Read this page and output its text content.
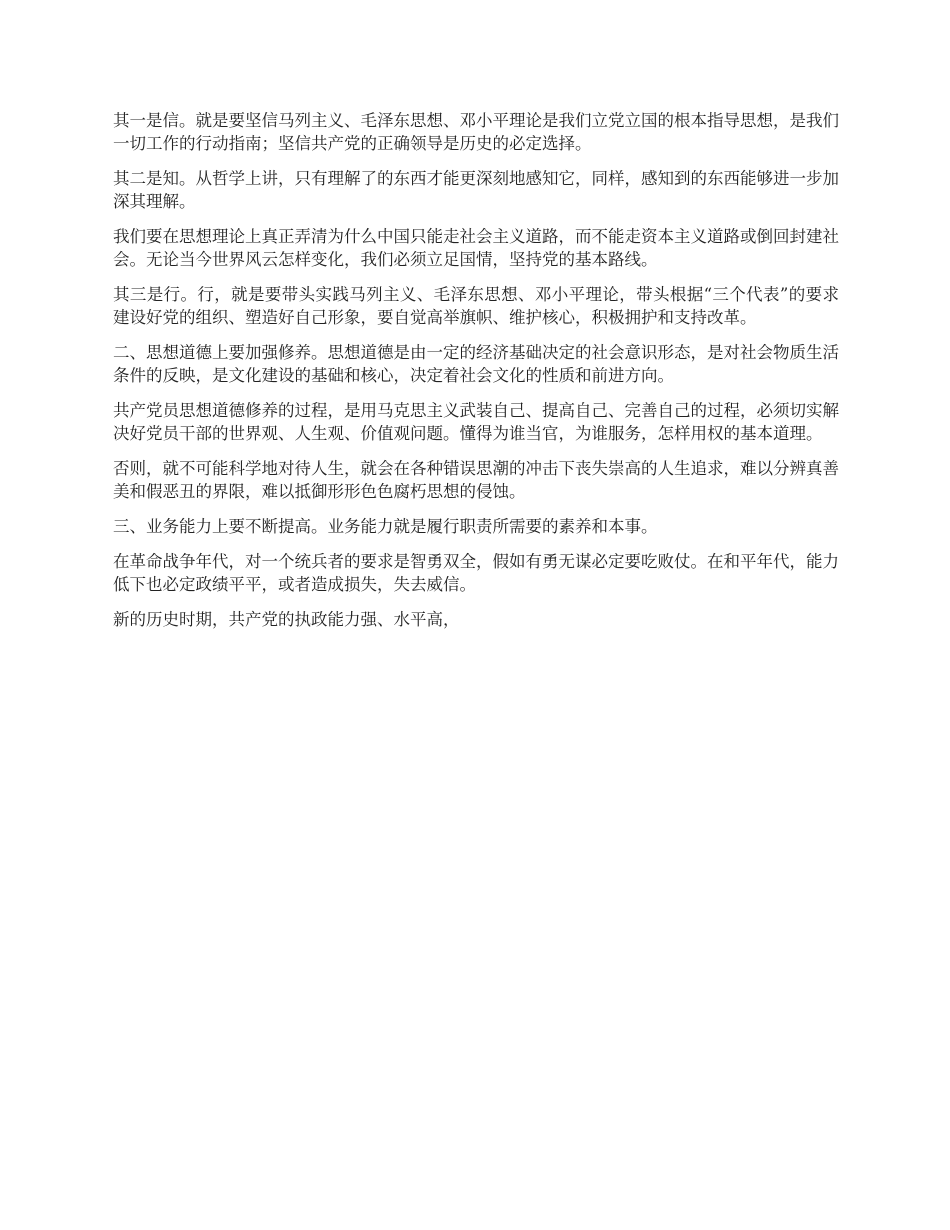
其一是信。就是要坚信马列主义、毛泽东思想、邓小平理论是我们立党立国的根本指导思想，是我们一切工作的行动指南；坚信共产党的正确领导是历史的必定选择。

其二是知。从哲学上讲，只有理解了的东西才能更深刻地感知它，同样，感知到的东西能够进一步加深其理解。

我们要在思想理论上真正弄清为什么中国只能走社会主义道路，而不能走资本主义道路或倒回封建社会。无论当今世界风云怎样变化，我们必须立足国情，坚持党的基本路线。

其三是行。行，就是要带头实践马列主义、毛泽东思想、邓小平理论，带头根据“三个代表”的要求建设好党的组织、塑造好自己形象，要自觉高举旗帜、维护核心，积极拥护和支持改革。

二、思想道德上要加强修养。思想道德是由一定的经济基础决定的社会意识形态，是对社会物质生活条件的反映，是文化建设的基础和核心，决定着社会文化的性质和前进方向。

共产党员思想道德修养的过程，是用马克思主义武装自己、提高自己、完善自己的过程，必须切实解决好党员干部的世界观、人生观、价值观问题。懂得为谁当官，为谁服务，怎样用权的基本道理。

否则，就不可能科学地对待人生，就会在各种错误思潮的冲击下丧失崇高的人生追求，难以分辨真善美和假恶丑的界限，难以抵御形形色色腐朽思想的侵蚀。

三、业务能力上要不断提高。业务能力就是履行职责所需要的素养和本事。

在革命战争年代，对一个统兵者的要求是智勇双全，假如有勇无谋必定要吃败仗。在和平年代，能力低下也必定政绩平平，或者造成损失，失去威信。

新的历史时期，共产党的执政能力强、水平高，
